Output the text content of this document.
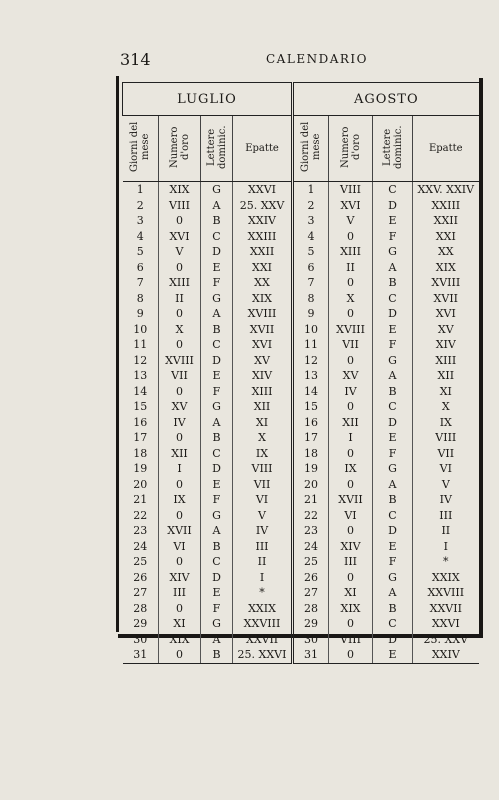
314	CALENDARIO
LUGLIO				AGOSTO			
Giorni del mese	Numero d'oro	Lettere dominic.	Epatte	Giorni del mese	Numero d'oro	Lettere dominic.	Epatte
1	XIX	G	XXVI	1	VIII	C	XXV. XXIV
2	VIII	A	25. XXV	2	XVI	D	XXIII
3	0	B	XXIV	3	V	E	XXII
4	XVI	C	XXIII	4	0	F	XXI
5	V	D	XXII	5	XIII	G	XX
6	0	E	XXI	6	II	A	XIX
7	XIII	F	XX	7	0	B	XVIII
8	II	G	XIX	8	X	C	XVII
9	0	A	XVIII	9	0	D	XVI
10	X	B	XVII	10	XVIII	E	XV
11	0	C	XVI	11	VII	F	XIV
12	XVIII	D	XV	12	0	G	XIII
13	VII	E	XIV	13	XV	A	XII
14	0	F	XIII	14	IV	B	XI
15	XV	G	XII	15	0	C	X
16	IV	A	XI	16	XII	D	IX
17	0	B	X	17	I	E	VIII
18	XII	C	IX	18	0	F	VII
19	I	D	VIII	19	IX	G	VI
20	0	E	VII	20	0	A	V
21	IX	F	VI	21	XVII	B	IV
22	0	G	V	22	VI	C	III
23	XVII	A	IV	23	0	D	II
24	VI	B	III	24	XIV	E	I
25	0	C	II	25	III	F	*
26	XIV	D	I	26	0	G	XXIX
27	III	E	*	27	XI	A	XXVIII
28	0	F	XXIX	28	XIX	B	XXVII
29	XI	G	XXVIII	29	0	C	XXVI
30	XIX	A	XXVII	30	VIII	D	25. XXV
31	0	B	25. XXVI	31	0	E	XXIV
